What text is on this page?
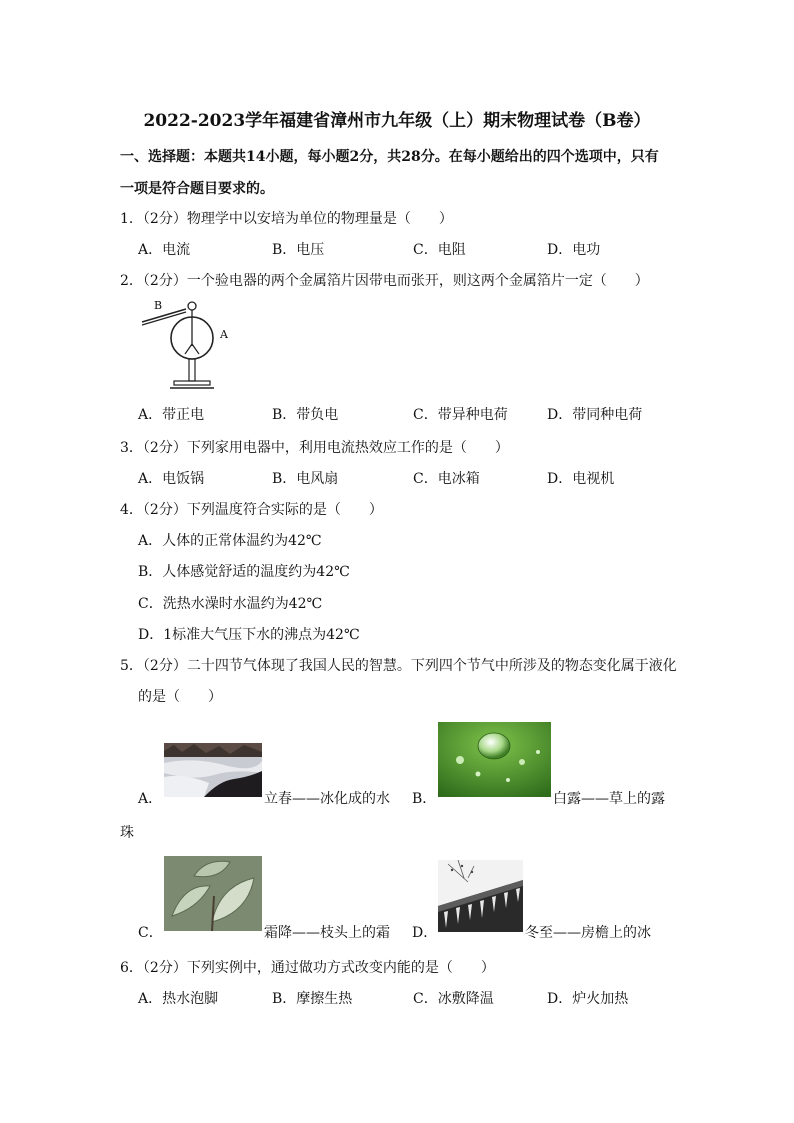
2022-2023学年福建省漳州市九年级（上）期末物理试卷（B卷）
一、选择题：本题共14小题，每小题2分，共28分。在每小题给出的四个选项中，只有
一项是符合题目要求的。
1．（2分）物理学中以安培为单位的物理量是（　　）
A．电流	B．电压	C．电阻	D．电功
2．（2分）一个验电器的两个金属箔片因带电而张开，则这两个金属箔片一定（　　）
B
A
A．带正电	B．带负电	C．带异种电荷	D．带同种电荷
3．（2分）下列家用电器中，利用电流热效应工作的是（　　）
A．电饭锅	B．电风扇	C．电冰箱	D．电视机
4．（2分）下列温度符合实际的是（　　）
A．人体的正常体温约为42℃
B．人体感觉舒适的温度约为42℃
C．洗热水澡时水温约为42℃
D．1标准大气压下水的沸点为42℃
5．（2分）二十四节气体现了我国人民的智慧。下列四个节气中所涉及的物态变化属于液化
的是（　　）
A．	立春——冰化成的水 B．	白露——草上的露
珠
C．	霜降——枝头上的霜 D．	冬至——房檐上的冰
6．（2分）下列实例中，通过做功方式改变内能的是（　　）
A．热水泡脚	B．摩擦生热	C．冰敷降温	D．炉火加热
